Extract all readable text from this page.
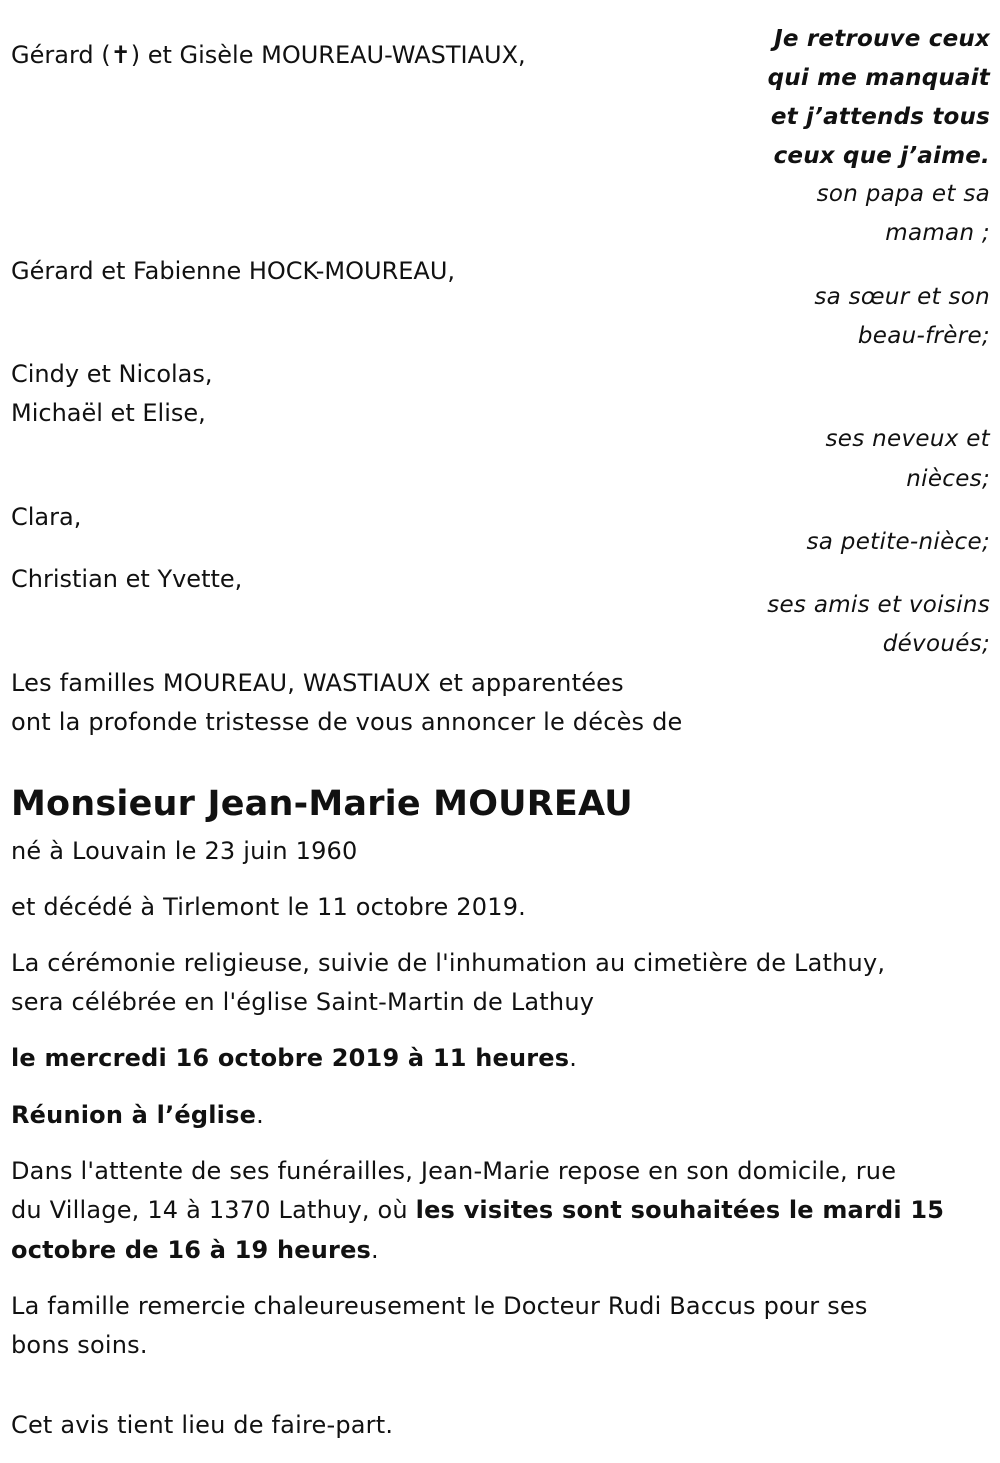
Gérard (✝) et Gisèle MOUREAU-WASTIAUX,
Gérard et Fabienne HOCK-MOUREAU,
Cindy et Nicolas,
Michaël et Elise,
Clara,
Christian et Yvette,
Les familles MOUREAU, WASTIAUX et apparentées
ont la profonde tristesse de vous annoncer le décès de
Je retrouve ceux
qui me manquait
et j’attends tous
ceux que j’aime.
son papa et sa
maman ;
sa sœur et son
beau-frère;
ses neveux et
nièces;
sa petite-nièce;
ses amis et voisins
dévoués;
Monsieur Jean-Marie MOUREAU
né à Louvain le 23 juin 1960
et décédé à Tirlemont le 11 octobre 2019.
La cérémonie religieuse, suivie de l'inhumation au cimetière de Lathuy,
sera célébrée en l'église Saint-Martin de Lathuy
le mercredi 16 octobre 2019 à 11 heures.
Réunion à l’église.
Dans l'attente de ses funérailles, Jean-Marie repose en son domicile, rue
du Village, 14 à 1370 Lathuy, où les visites sont souhaitées le mardi 15
octobre de 16 à 19 heures.
La famille remercie chaleureusement le Docteur Rudi Baccus pour ses
bons soins.
Cet avis tient lieu de faire-part.
